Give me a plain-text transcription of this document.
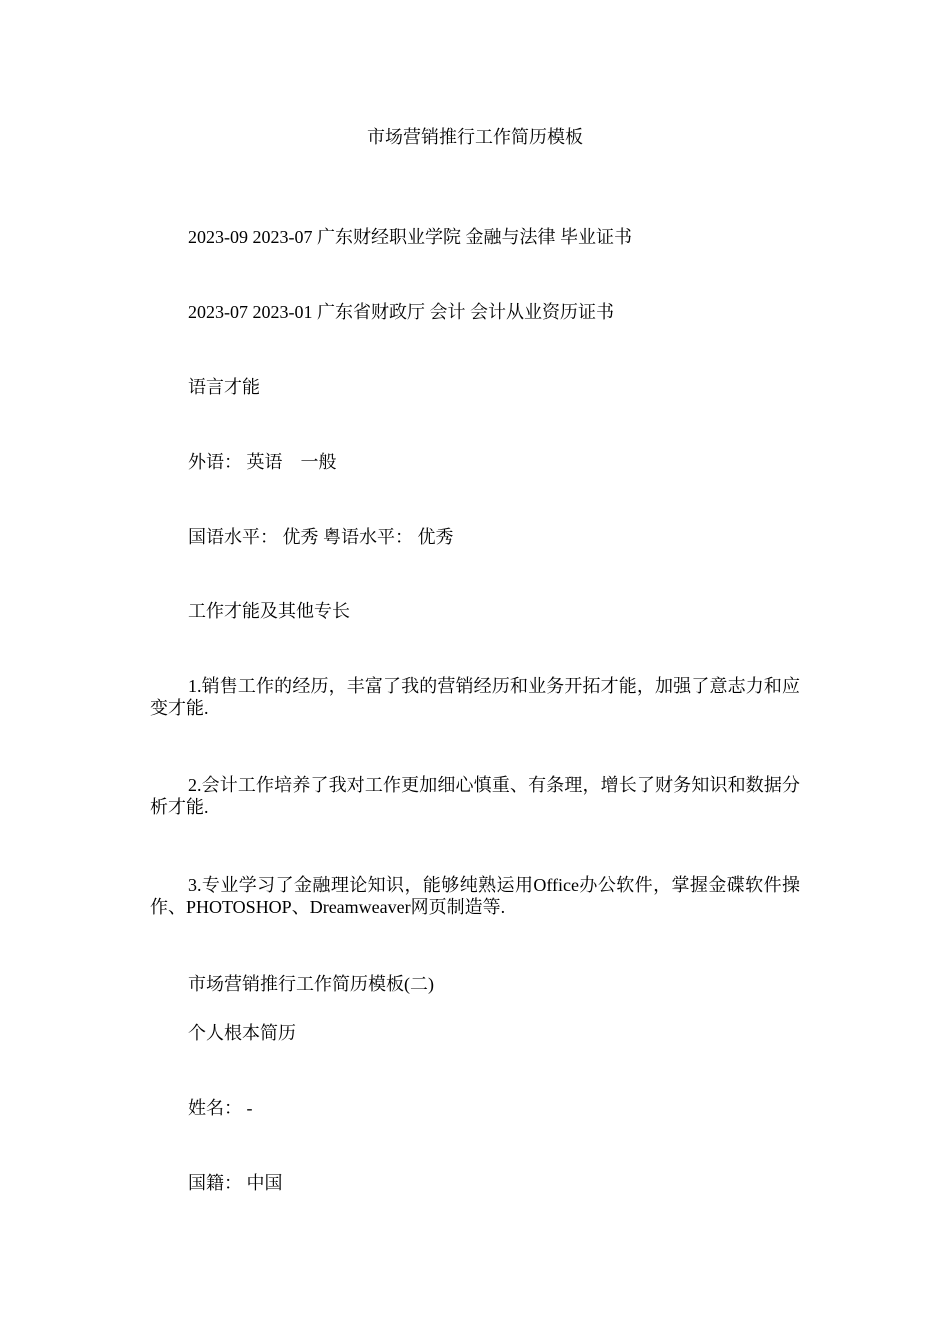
市场营销推行工作简历模板
2023-09 2023-07 广东财经职业学院 金融与法律 毕业证书
2023-07 2023-01 广东省财政厅 会计 会计从业资历证书
语言才能
外语： 英语    一般
国语水平： 优秀 粤语水平： 优秀
工作才能及其他专长
1.销售工作的经历，丰富了我的营销经历和业务开拓才能，加强了意志力和应变才能.
2.会计工作培养了我对工作更加细心慎重、有条理，增长了财务知识和数据分析才能.
3.专业学习了金融理论知识，能够纯熟运用Office办公软件，掌握金碟软件操作、PHOTOSHOP、Dreamweaver网页制造等.
市场营销推行工作简历模板(二)
个人根本简历
姓名： -
国籍： 中国
